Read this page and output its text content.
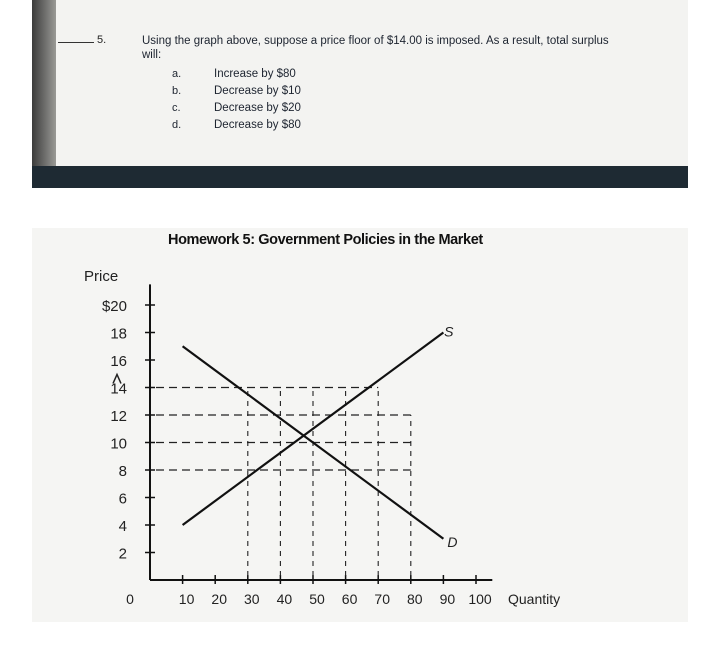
5.	Using the graph above, suppose a price floor of $14.00 is imposed. As a result, total surplus will:
a.	Increase by $80
b.	Decrease by $10
c.	Decrease by $20
d.	Decrease by $80
Homework 5: Government Policies in the Market
$20
18
16
14
12
10
8
6
4
2
10 20 30 40 50 60 70 80 90 100
0	Quantity
Price
S
D
